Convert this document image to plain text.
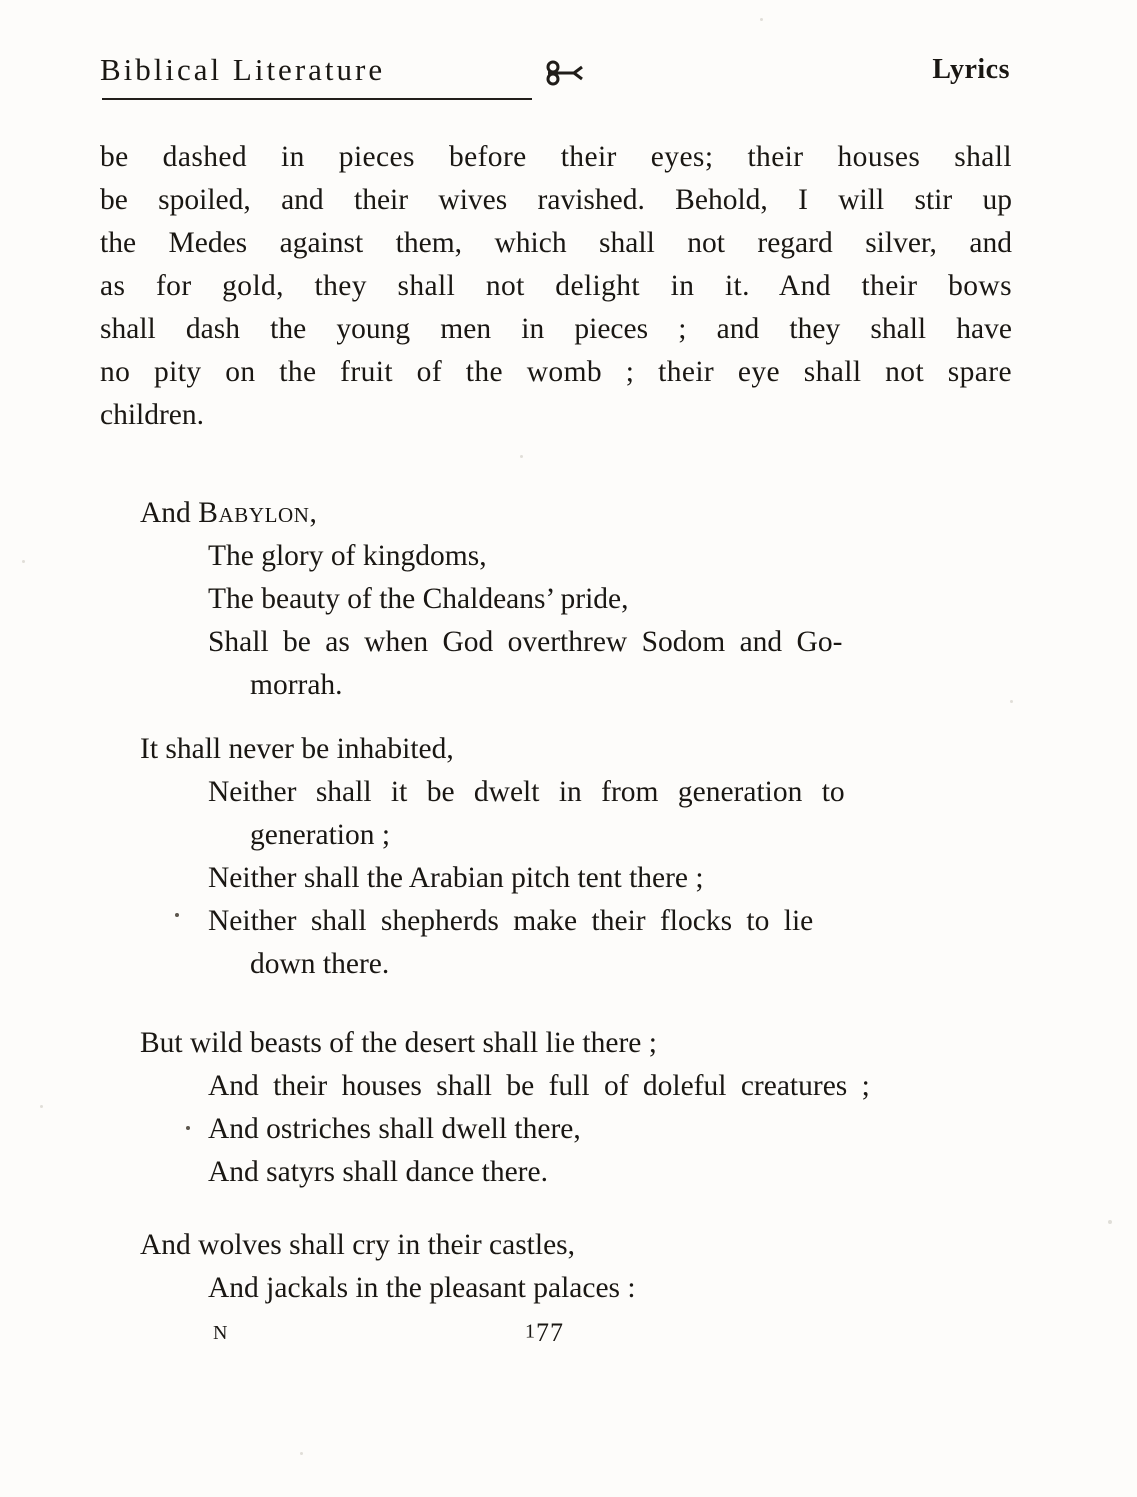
Biblical Literature	Lyrics
be dashed in pieces before their eyes; their houses shall
be spoiled, and their wives ravished. Behold, I will stir up
the Medes against them, which shall not regard silver, and
as for gold, they shall not delight in it. And their bows
shall dash the young men in pieces ; and they shall have
no pity on the fruit of the womb ; their eye shall not spare
children.
And Babylon,
The glory of kingdoms,
The beauty of the Chaldeans’ pride,
Shall be as when God overthrew Sodom and Go-
morrah.
It shall never be inhabited,
Neither shall it be dwelt in from generation to
generation ;
Neither shall the Arabian pitch tent there ;
Neither shall shepherds make their flocks to lie
down there.
But wild beasts of the desert shall lie there ;
And their houses shall be full of doleful creatures ;
And ostriches shall dwell there,
And satyrs shall dance there.
And wolves shall cry in their castles,
And jackals in the pleasant palaces :
N	177
